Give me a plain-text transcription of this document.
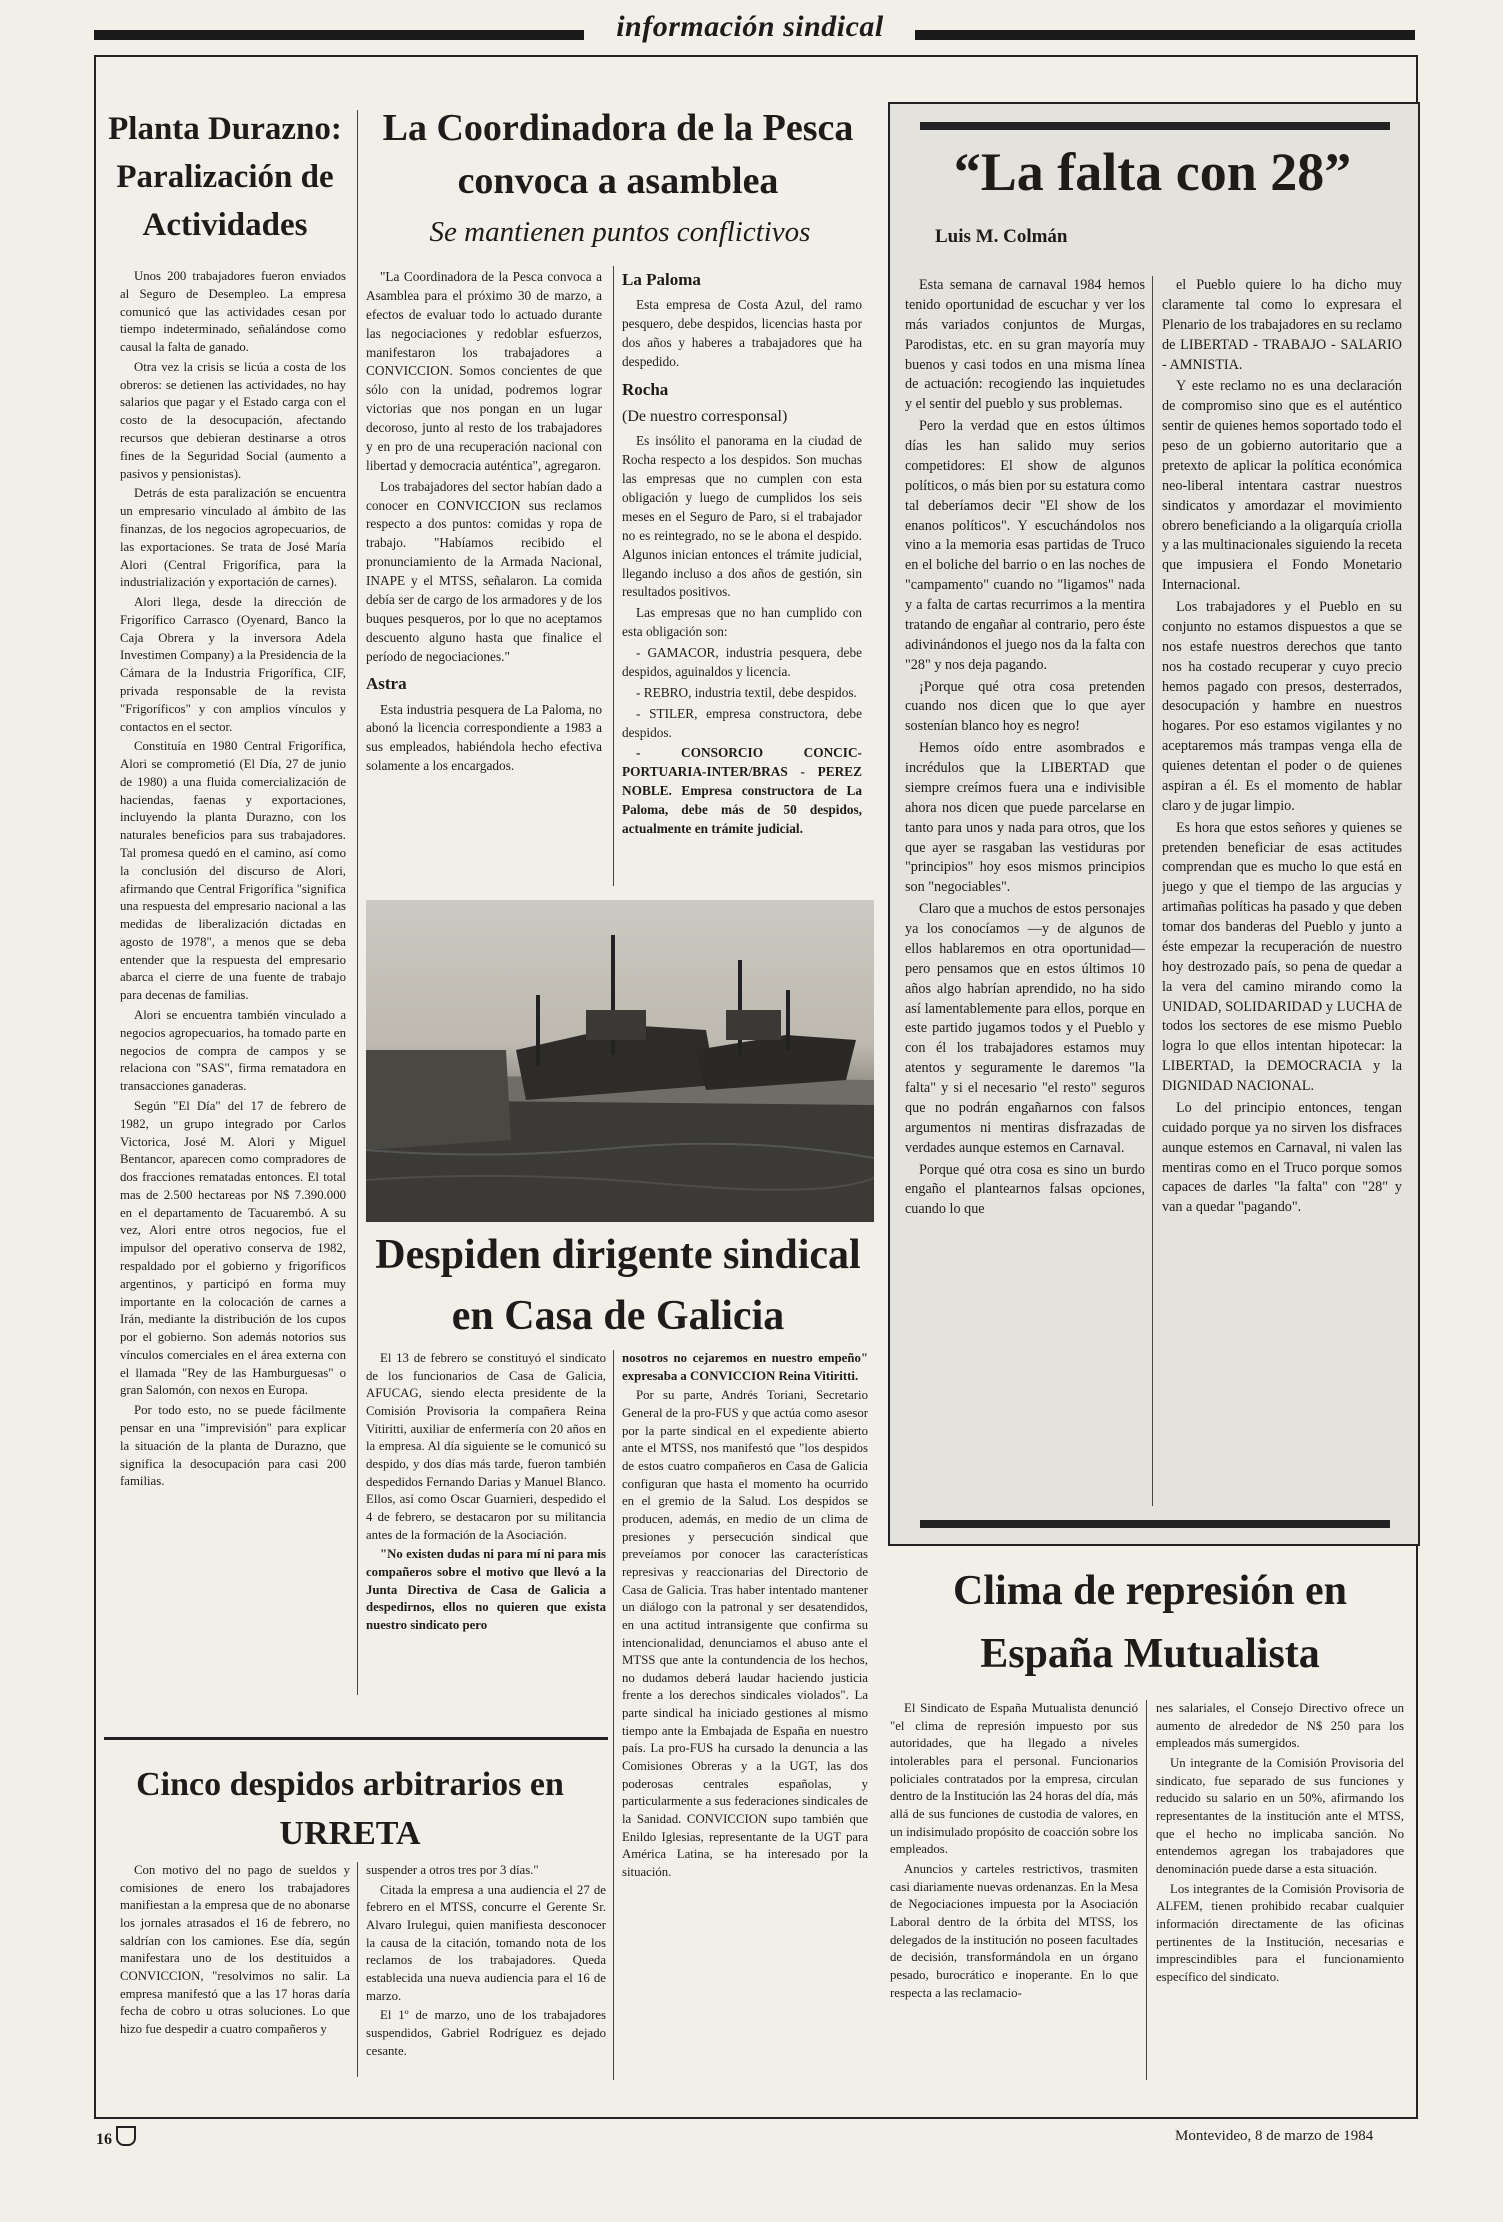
información sindical
Planta Durazno: Paralización de Actividades

Unos 200 trabajadores fueron enviados al Seguro de Desempleo. La empresa comunicó que las actividades cesan por tiempo indeterminado, señalándose como causal la falta de ganado.

Otra vez la crisis se licúa a costa de los obreros: se detienen las actividades, no hay salarios que pagar y el Estado carga con el costo de la desocupación, afectando recursos que debieran destinarse a otros fines de la Seguridad Social (aumento a pasivos y pensionistas).

Detrás de esta paralización se encuentra un empresario vinculado al ámbito de las finanzas, de los negocios agropecuarios, de las exportaciones. Se trata de José María Alori (Central Frigorífica, para la industrialización y exportación de carnes).

Alori llega, desde la dirección de Frigorífico Carrasco (Oyenard, Banco la Caja Obrera y la inversora Adela Investimen Company) a la Presidencia de la Cámara de la Industria Frigorífica, CIF, privada responsable de la revista "Frigoríficos" y con amplios vínculos y contactos en el sector.

Constituía en 1980 Central Frigorífica, Alori se comprometió (El Día, 27 de junio de 1980) a una fluida comercialización de haciendas, faenas y exportaciones, incluyendo la planta Durazno, con los naturales beneficios para sus trabajadores. Tal promesa quedó en el camino, así como la conclusión del discurso de Alori, afirmando que Central Frigorífica "significa una respuesta del empresario nacional a las medidas de liberalización dictadas en agosto de 1978", a menos que se deba entender que la respuesta del empresario abarca el cierre de una fuente de trabajo para decenas de familias.

Alori se encuentra también vinculado a negocios agropecuarios, ha tomado parte en negocios de compra de campos y se relaciona con "SAS", firma rematadora en transacciones ganaderas.

Según "El Día" del 17 de febrero de 1982, un grupo integrado por Carlos Victorica, José M. Alori y Miguel Bentancor, aparecen como compradores de dos fracciones rematadas entonces. El total mas de 2.500 hectareas por N$ 7.390.000 en el departamento de Tacuarembó. A su vez, Alori entre otros negocios, fue el impulsor del operativo conserva de 1982, respaldado por el gobierno y frigoríficos argentinos, y participó en forma muy importante en la colocación de carnes a Irán, mediante la distribución de los cupos por el gobierno. Son además notorios sus vínculos comerciales en el área externa con el llamada "Rey de las Hamburguesas" o gran Salomón, con nexos en Europa.

Por todo esto, no se puede fácilmente pensar en una "imprevisión" para explicar la situación de la planta de Durazno, que significa la desocupación para casi 200 familias.

La Coordinadora de la Pesca convoca a asamblea
Se mantienen puntos conflictivos

"La Coordinadora de la Pesca convoca a Asamblea para el próximo 30 de marzo, a efectos de evaluar todo lo actuado durante las negociaciones y redoblar esfuerzos, manifestaron los trabajadores a CONVICCION. Somos concientes de que sólo con la unidad, podremos lograr victorias que nos pongan en un lugar decoroso, junto al resto de los trabajadores y en pro de una recuperación nacional con libertad y democracia auténtica", agregaron.

Los trabajadores del sector habían dado a conocer en CONVICCION sus reclamos respecto a dos puntos: comidas y ropa de trabajo. "Habíamos recibido el pronunciamiento de la Armada Nacional, INAPE y el MTSS, señalaron. La comida debía ser de cargo de los armadores y de los buques pesqueros, por lo que no aceptamos descuento alguno hasta que finalice el período de negociaciones."

Astra

Esta industria pesquera de La Paloma, no abonó la licencia correspondiente a 1983 a sus empleados, habiéndola hecho efectiva solamente a los encargados.

La Paloma

Esta empresa de Costa Azul, del ramo pesquero, debe despidos, licencias hasta por dos años y haberes a trabajadores que ha despedido.

Rocha
(De nuestro corresponsal)

Es insólito el panorama en la ciudad de Rocha respecto a los despidos. Son muchas las empresas que no cumplen con esta obligación y luego de cumplidos los seis meses en el Seguro de Paro, si el trabajador no es reintegrado, no se le abona el despido. Algunos inician entonces el trámite judicial, llegando incluso a dos años de gestión, sin resultados positivos.

Las empresas que no han cumplido con esta obligación son:

- GAMACOR, industria pesquera, debe despidos, aguinaldos y licencia.

- REBRO, industria textil, debe despidos.

- STILER, empresa constructora, debe despidos.

- CONSORCIO CONCIC-PORTUARIA-INTER/BRAS - PEREZ NOBLE. Empresa constructora de La Paloma, debe más de 50 despidos, actualmente en trámite judicial.

Despiden dirigente sindical en Casa de Galicia

El 13 de febrero se constituyó el sindicato de los funcionarios de Casa de Galicia, AFUCAG, siendo electa presidente de la Comisión Provisoria la compañera Reina Vitiritti, auxiliar de enfermería con 20 años en la empresa. Al día siguiente se le comunicó su despido, y dos días más tarde, fueron también despedidos Fernando Darias y Manuel Blanco. Ellos, así como Oscar Guarnieri, despedido el 4 de febrero, se destacaron por su militancia antes de la formación de la Asociación.

"No existen dudas ni para mí ni para mis compañeros sobre el motivo que llevó a la Junta Directiva de Casa de Galicia a despedirnos, ellos no quieren que exista nuestro sindicato pero

nosotros no cejaremos en nuestro empeño" expresaba a CONVICCION Reina Vitiritti.

Por su parte, Andrés Toriani, Secretario General de la pro-FUS y que actúa como asesor por la parte sindical en el expediente abierto ante el MTSS, nos manifestó que "los despidos de estos cuatro compañeros en Casa de Galicia configuran que hasta el momento ha ocurrido en el gremio de la Salud. Los despidos se producen, además, en medio de un clima de presiones y persecución sindical que preveíamos por conocer las características represivas y reaccionarias del Directorio de Casa de Galicia. Tras haber intentado mantener un diálogo con la patronal y ser desatendidos, en una actitud intransigente que confirma su intencionalidad, denunciamos el abuso ante el MTSS que ante la contundencia de los hechos, no dudamos deberá laudar haciendo justicia frente a los derechos sindicales violados". La parte sindical ha iniciado gestiones al mismo tiempo ante la Embajada de España en nuestro país. La pro-FUS ha cursado la denuncia a las Comisiones Obreras y a la UGT, las dos poderosas centrales españolas, y particularmente a sus federaciones sindicales de la Sanidad. CONVICCION supo también que Enildo Iglesias, representante de la UGT para América Latina, se ha interesado por la situación.

Cinco despidos arbitrarios en URRETA

Con motivo del no pago de sueldos y comisiones de enero los trabajadores manifiestan a la empresa que de no abonarse los jornales atrasados el 16 de febrero, no saldrían con los camiones. Ese día, según manifestara uno de los destituidos a CONVICCION, "resolvimos no salir. La empresa manifestó que a las 17 horas daría fecha de cobro u otras soluciones. Lo que hizo fue despedir a cuatro compañeros y

suspender a otros tres por 3 días."

Citada la empresa a una audiencia el 27 de febrero en el MTSS, concurre el Gerente Sr. Alvaro Irulegui, quien manifiesta desconocer la causa de la citación, tomando nota de los reclamos de los trabajadores. Queda establecida una nueva audiencia para el 16 de marzo.

El 1º de marzo, uno de los trabajadores suspendidos, Gabriel Rodríguez es dejado cesante.

“La falta con 28”
Luis M. Colmán

Esta semana de carnaval 1984 hemos tenido oportunidad de escuchar y ver los más variados conjuntos de Murgas, Parodistas, etc. en su gran mayoría muy buenos y casi todos en una misma línea de actuación: recogiendo las inquietudes y el sentir del pueblo y sus problemas.

Pero la verdad que en estos últimos días les han salido muy serios competidores: El show de algunos políticos, o más bien por su estatura como tal deberíamos decir "El show de los enanos políticos". Y escuchándolos nos vino a la memoria esas partidas de Truco en el boliche del barrio o en las noches de "campamento" cuando no "ligamos" nada y a falta de cartas recurrimos a la mentira tratando de engañar al contrario, pero éste adivinándonos el juego nos da la falta con "28" y nos deja pagando.

¡Porque qué otra cosa pretenden cuando nos dicen que lo que ayer sostenían blanco hoy es negro!

Hemos oído entre asombrados e incrédulos que la LIBERTAD que siempre creímos fuera una e indivisible ahora nos dicen que puede parcelarse en tanto para unos y nada para otros, que los que ayer se rasgaban las vestiduras por "principios" hoy esos mismos principios son "negociables".

Claro que a muchos de estos personajes ya los conocíamos —y de algunos de ellos hablaremos en otra oportunidad— pero pensamos que en estos últimos 10 años algo habrían aprendido, no ha sido así lamentablemente para ellos, porque en este partido jugamos todos y el Pueblo y con él los trabajadores estamos muy atentos y seguramente le daremos "la falta" y si el necesario "el resto" seguros que no podrán engañarnos con falsos argumentos ni mentiras disfrazadas de verdades aunque estemos en Carnaval.

Porque qué otra cosa es sino un burdo engaño el plantearnos falsas opciones, cuando lo que

el Pueblo quiere lo ha dicho muy claramente tal como lo expresara el Plenario de los trabajadores en su reclamo de LIBERTAD - TRABAJO - SALARIO - AMNISTIA.

Y este reclamo no es una declaración de compromiso sino que es el auténtico sentir de quienes hemos soportado todo el peso de un gobierno autoritario que a pretexto de aplicar la política económica neo-liberal intentara castrar nuestros sindicatos y amordazar el movimiento obrero beneficiando a la oligarquía criolla y a las multinacionales siguiendo la receta que impusiera el Fondo Monetario Internacional.

Los trabajadores y el Pueblo en su conjunto no estamos dispuestos a que se nos estafe nuestros derechos que tanto nos ha costado recuperar y cuyo precio hemos pagado con presos, desterrados, desocupación y hambre en nuestros hogares. Por eso estamos vigilantes y no aceptaremos más trampas venga ella de quienes detentan el poder o de quienes aspiran a él. Es el momento de hablar claro y de jugar limpio.

Es hora que estos señores y quienes se pretenden beneficiar de esas actitudes comprendan que es mucho lo que está en juego y que el tiempo de las argucias y artimañas políticas ha pasado y que deben tomar dos banderas del Pueblo y junto a éste empezar la recuperación de nuestro hoy destrozado país, so pena de quedar a la vera del camino mirando como la UNIDAD, SOLIDARIDAD y LUCHA de todos los sectores de ese mismo Pueblo logra lo que ellos intentan hipotecar: la LIBERTAD, la DEMOCRACIA y la DIGNIDAD NACIONAL.

Lo del principio entonces, tengan cuidado porque ya no sirven los disfraces aunque estemos en Carnaval, ni valen las mentiras como en el Truco porque somos capaces de darles "la falta" con "28" y van a quedar "pagando".

Clima de represión en España Mutualista

El Sindicato de España Mutualista denunció "el clima de represión impuesto por sus autoridades, que ha llegado a niveles intolerables para el personal. Funcionarios policiales contratados por la empresa, circulan dentro de la Institución las 24 horas del día, más allá de sus funciones de custodia de valores, en un indisimulado propósito de coacción sobre los empleados.

Anuncios y carteles restrictivos, trasmiten casi diariamente nuevas ordenanzas. En la Mesa de Negociaciones impuesta por la Asociación Laboral dentro de la órbita del MTSS, los delegados de la institución no poseen facultades de decisión, transformándola en un órgano pesado, burocrático e inoperante. En lo que respecta a las reclamacio-

nes salariales, el Consejo Directivo ofrece un aumento de alrededor de N$ 250 para los empleados más sumergidos.

Un integrante de la Comisión Provisoria del sindicato, fue separado de sus funciones y reducido su salario en un 50%, afirmando los representantes de la institución ante el MTSS, que el hecho no implicaba sanción. No entendemos agregan los trabajadores que denominación puede darse a esta situación.

Los integrantes de la Comisión Provisoria de ALFEM, tienen prohibido recabar cualquier información directamente de las oficinas pertinentes de la Institución, necesarias e imprescindibles para el funcionamiento específico del sindicato.

16	Montevideo, 8 de marzo de 1984
